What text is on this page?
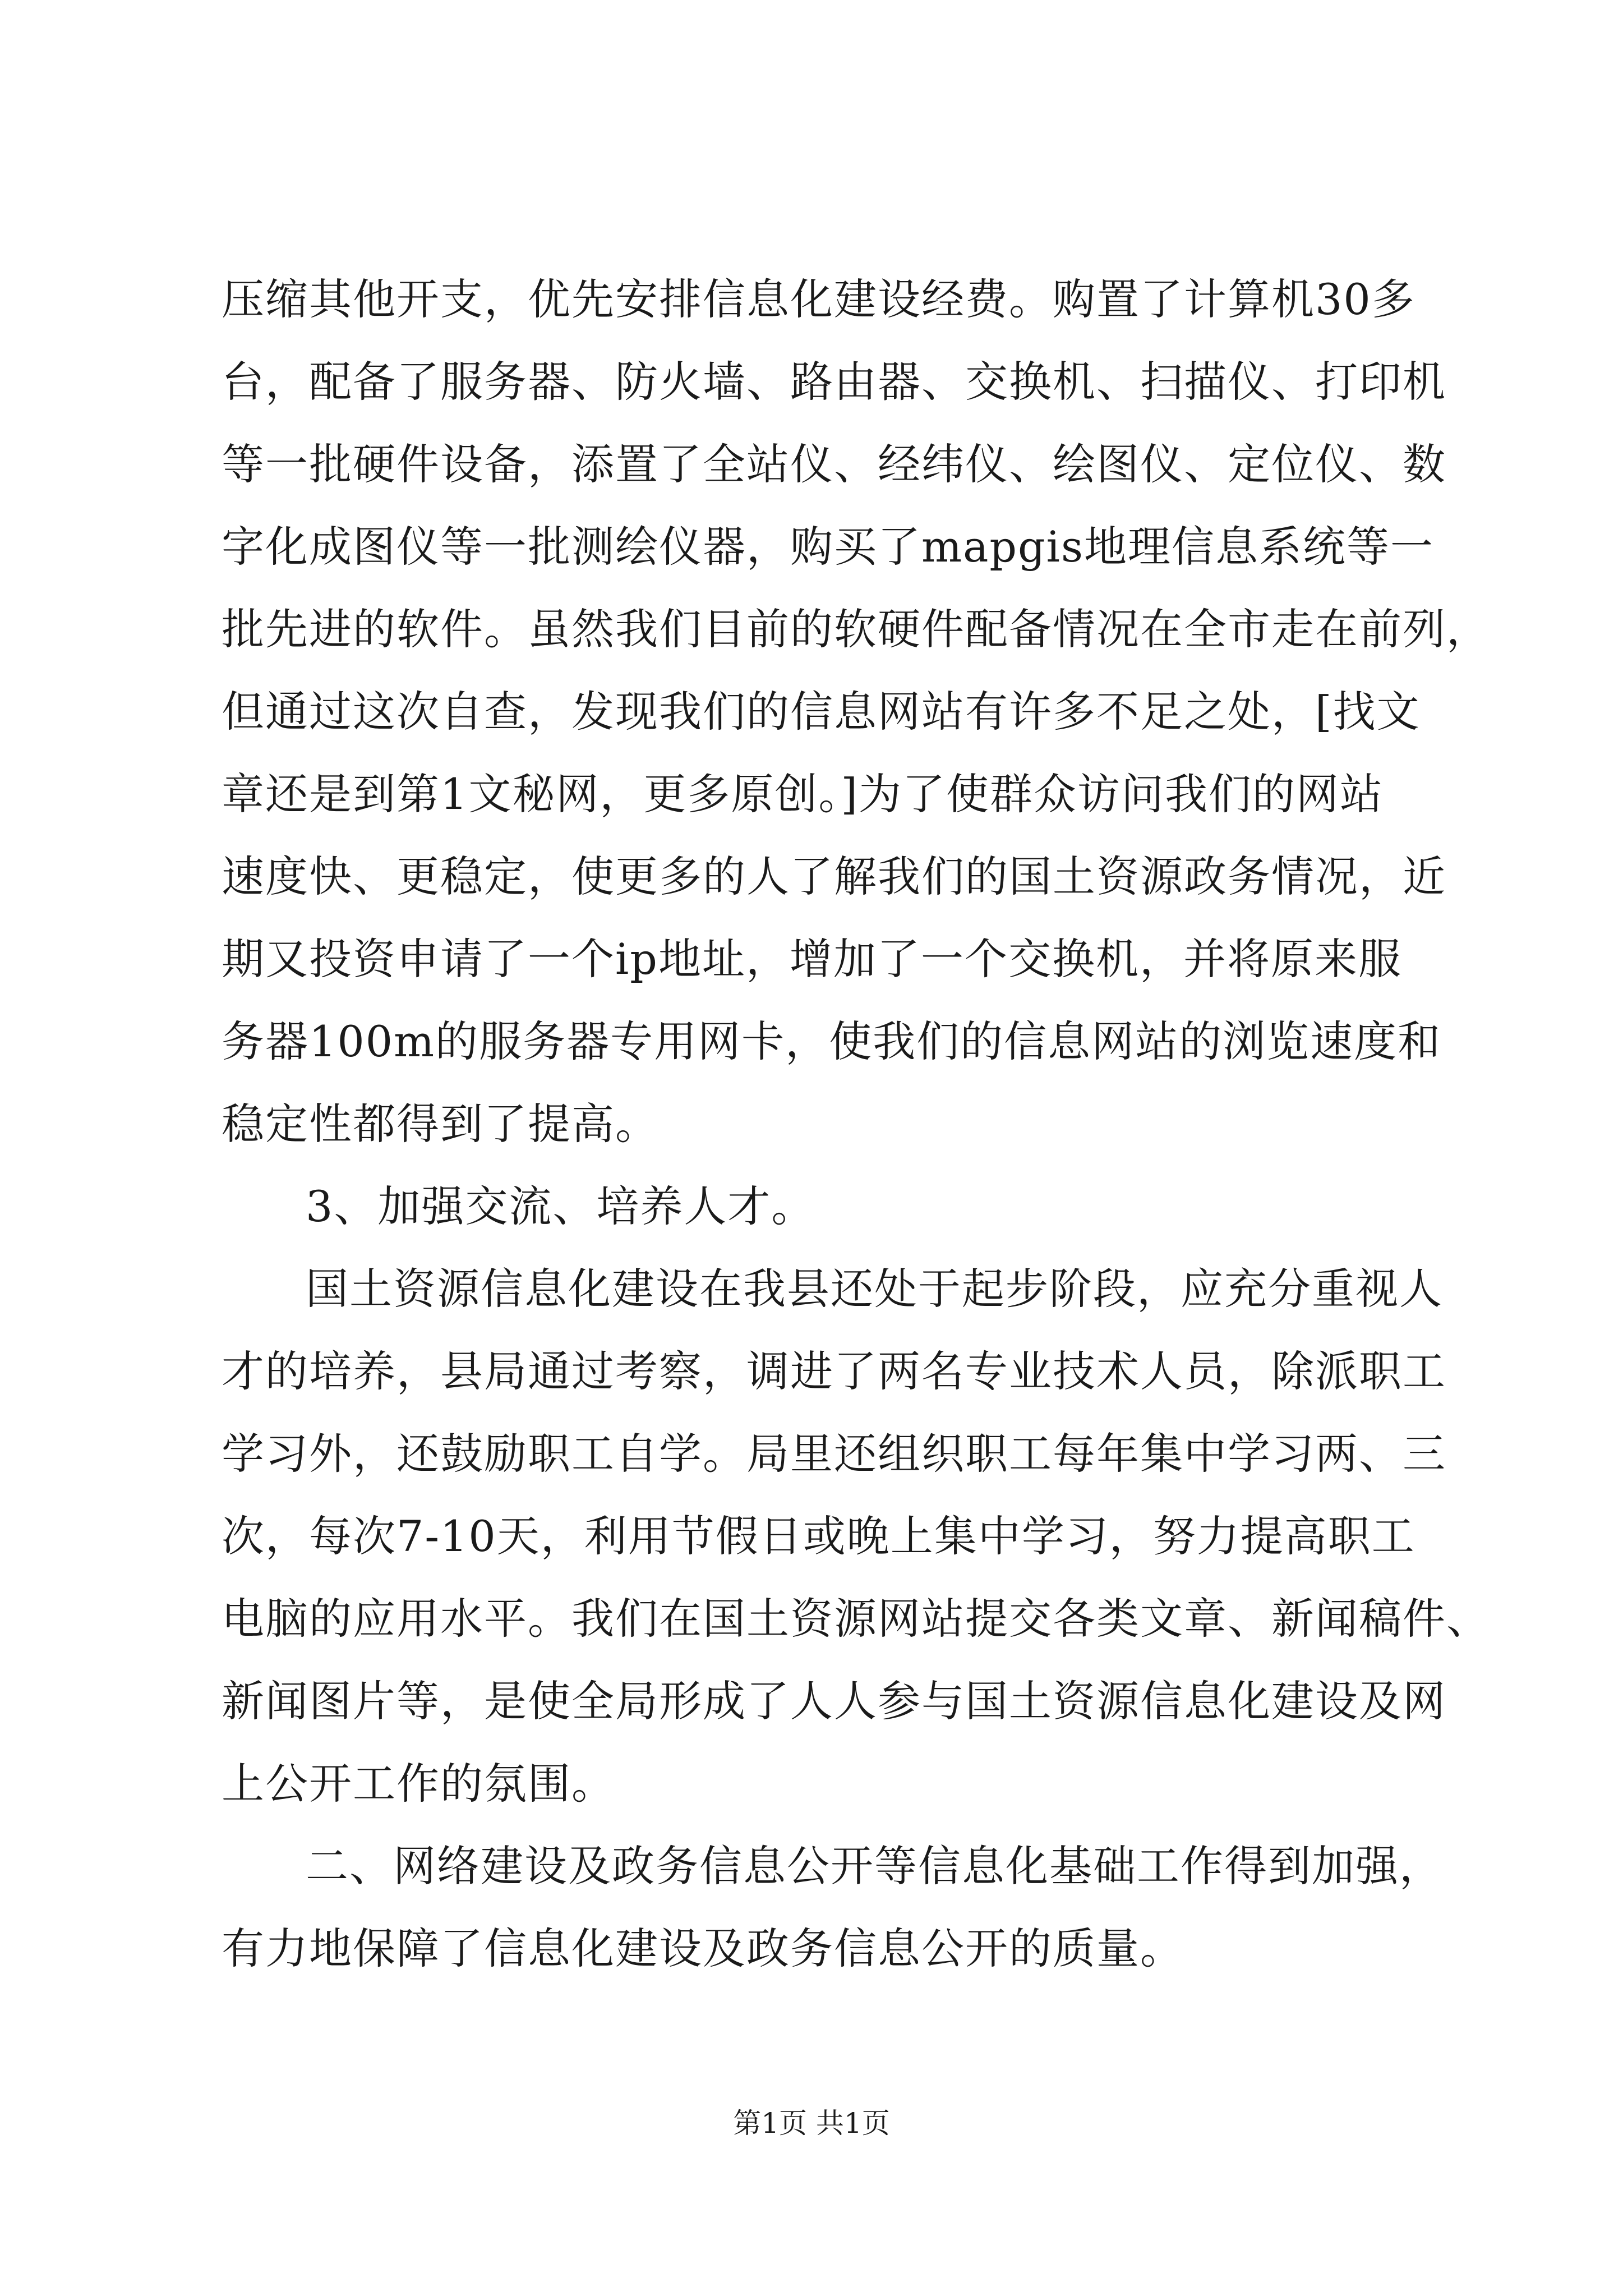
压缩其他开支，优先安排信息化建设经费。购置了计算机30多
台，配备了服务器、防火墙、路由器、交换机、扫描仪、打印机
等一批硬件设备，添置了全站仪、经纬仪、绘图仪、定位仪、数
字化成图仪等一批测绘仪器，购买了mapgis地理信息系统等一
批先进的软件。虽然我们目前的软硬件配备情况在全市走在前列，
但通过这次自查，发现我们的信息网站有许多不足之处，[找文
章还是到第1文秘网，更多原创。]为了使群众访问我们的网站
速度快、更稳定，使更多的人了解我们的国土资源政务情况，近
期又投资申请了一个ip地址，增加了一个交换机，并将原来服
务器100m的服务器专用网卡，使我们的信息网站的浏览速度和
稳定性都得到了提高。
3、加强交流、培养人才。
国土资源信息化建设在我县还处于起步阶段，应充分重视人
才的培养，县局通过考察，调进了两名专业技术人员，除派职工
学习外，还鼓励职工自学。局里还组织职工每年集中学习两、三
次，每次7-10天，利用节假日或晚上集中学习，努力提高职工
电脑的应用水平。我们在国土资源网站提交各类文章、新闻稿件、
新闻图片等，是使全局形成了人人参与国土资源信息化建设及网
上公开工作的氛围。
二、网络建设及政务信息公开等信息化基础工作得到加强，
有力地保障了信息化建设及政务信息公开的质量。
第1页 共1页
